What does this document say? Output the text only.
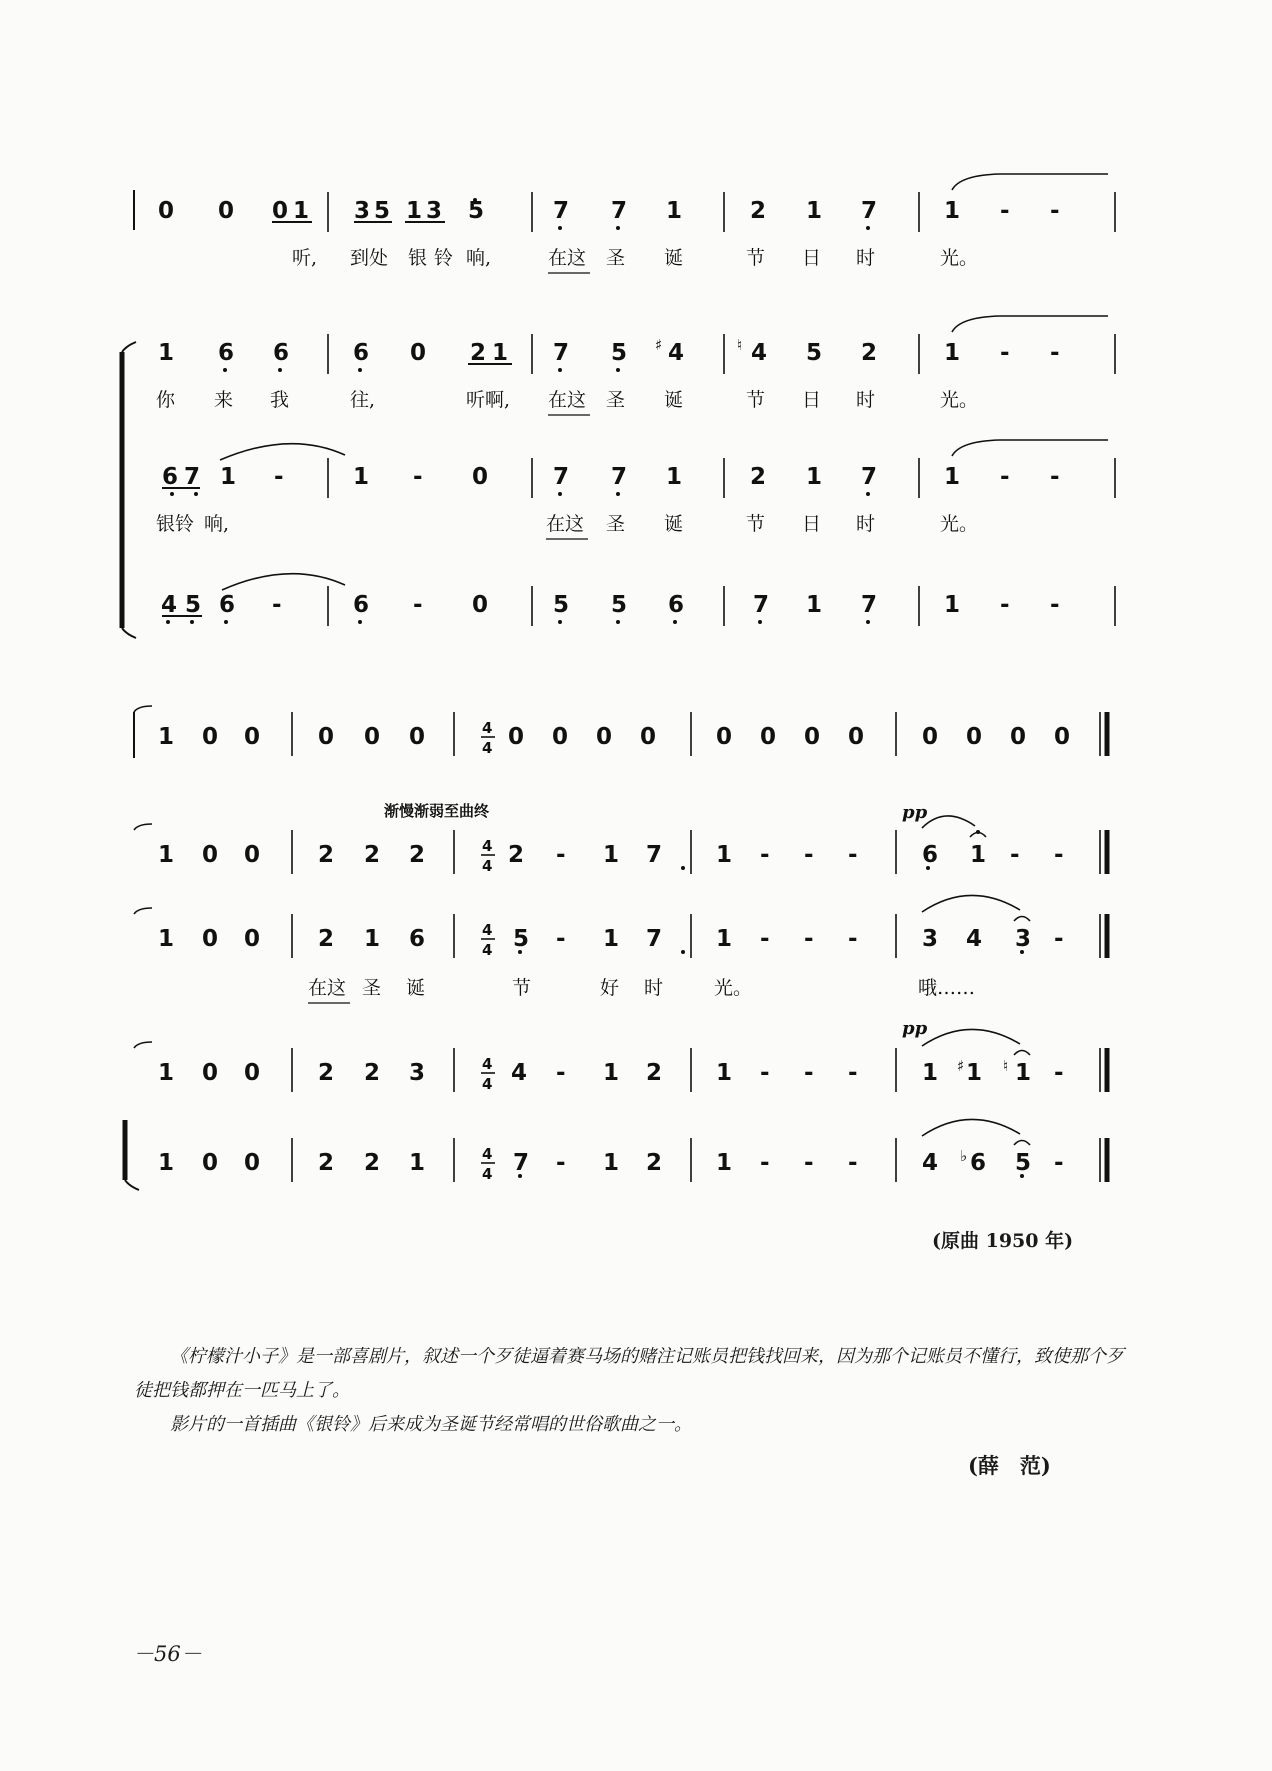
0 0 0 1 3 5 1 3 5	7 7 1	2 1 7	1 - -
1 6 6	6 0 2 1 7 5 4	4 5 2	1 - -
6 7 1 -	1 - 0	7 7 1	2 1 7	1 - -
4 5 6 -	6 - 0	5 5 6	7 1 7	1 - -
♯	♮
听, 到处 银 铃 响,	在这 圣 诞	节 日 时	光。
你 来 我	往,	听啊, 在这 圣 诞	节 日 时	光。
银铃 响,	在这 圣 诞	节 日 时	光。
渐慢渐弱至曲终	pp
pp
4
4
4
4
4
4
4
4
4
4
1 0 0	0 0 0	0 0 0 0	0 0 0 0	0 0 0 0
1 0 0	2 2 2	2 - 1 7 1 - - -	6 1 - -
1 0 0	2 1 6	5 - 1 7 1 - - -	3 4 3 -
1 0 0	2 2 3	4 - 1 2 1 - - -	1 1 1 -
1 0 0	2 2 1	7 - 1 2 1 - - -	4 6 5 -
♯	♮
♭
在这 圣 诞	节	好 时	光。	哦……
(原曲 1950 年)

《柠檬汁小子》是一部喜剧片，叙述一个歹徒逼着赛马场的赌注记账员把钱找回来，因为那个记账员不懂行，致使那个歹徒把钱都押在一匹马上了。

影片的一首插曲《银铃》后来成为圣诞节经常唱的世俗歌曲之一。

(薛　范)
－56－
